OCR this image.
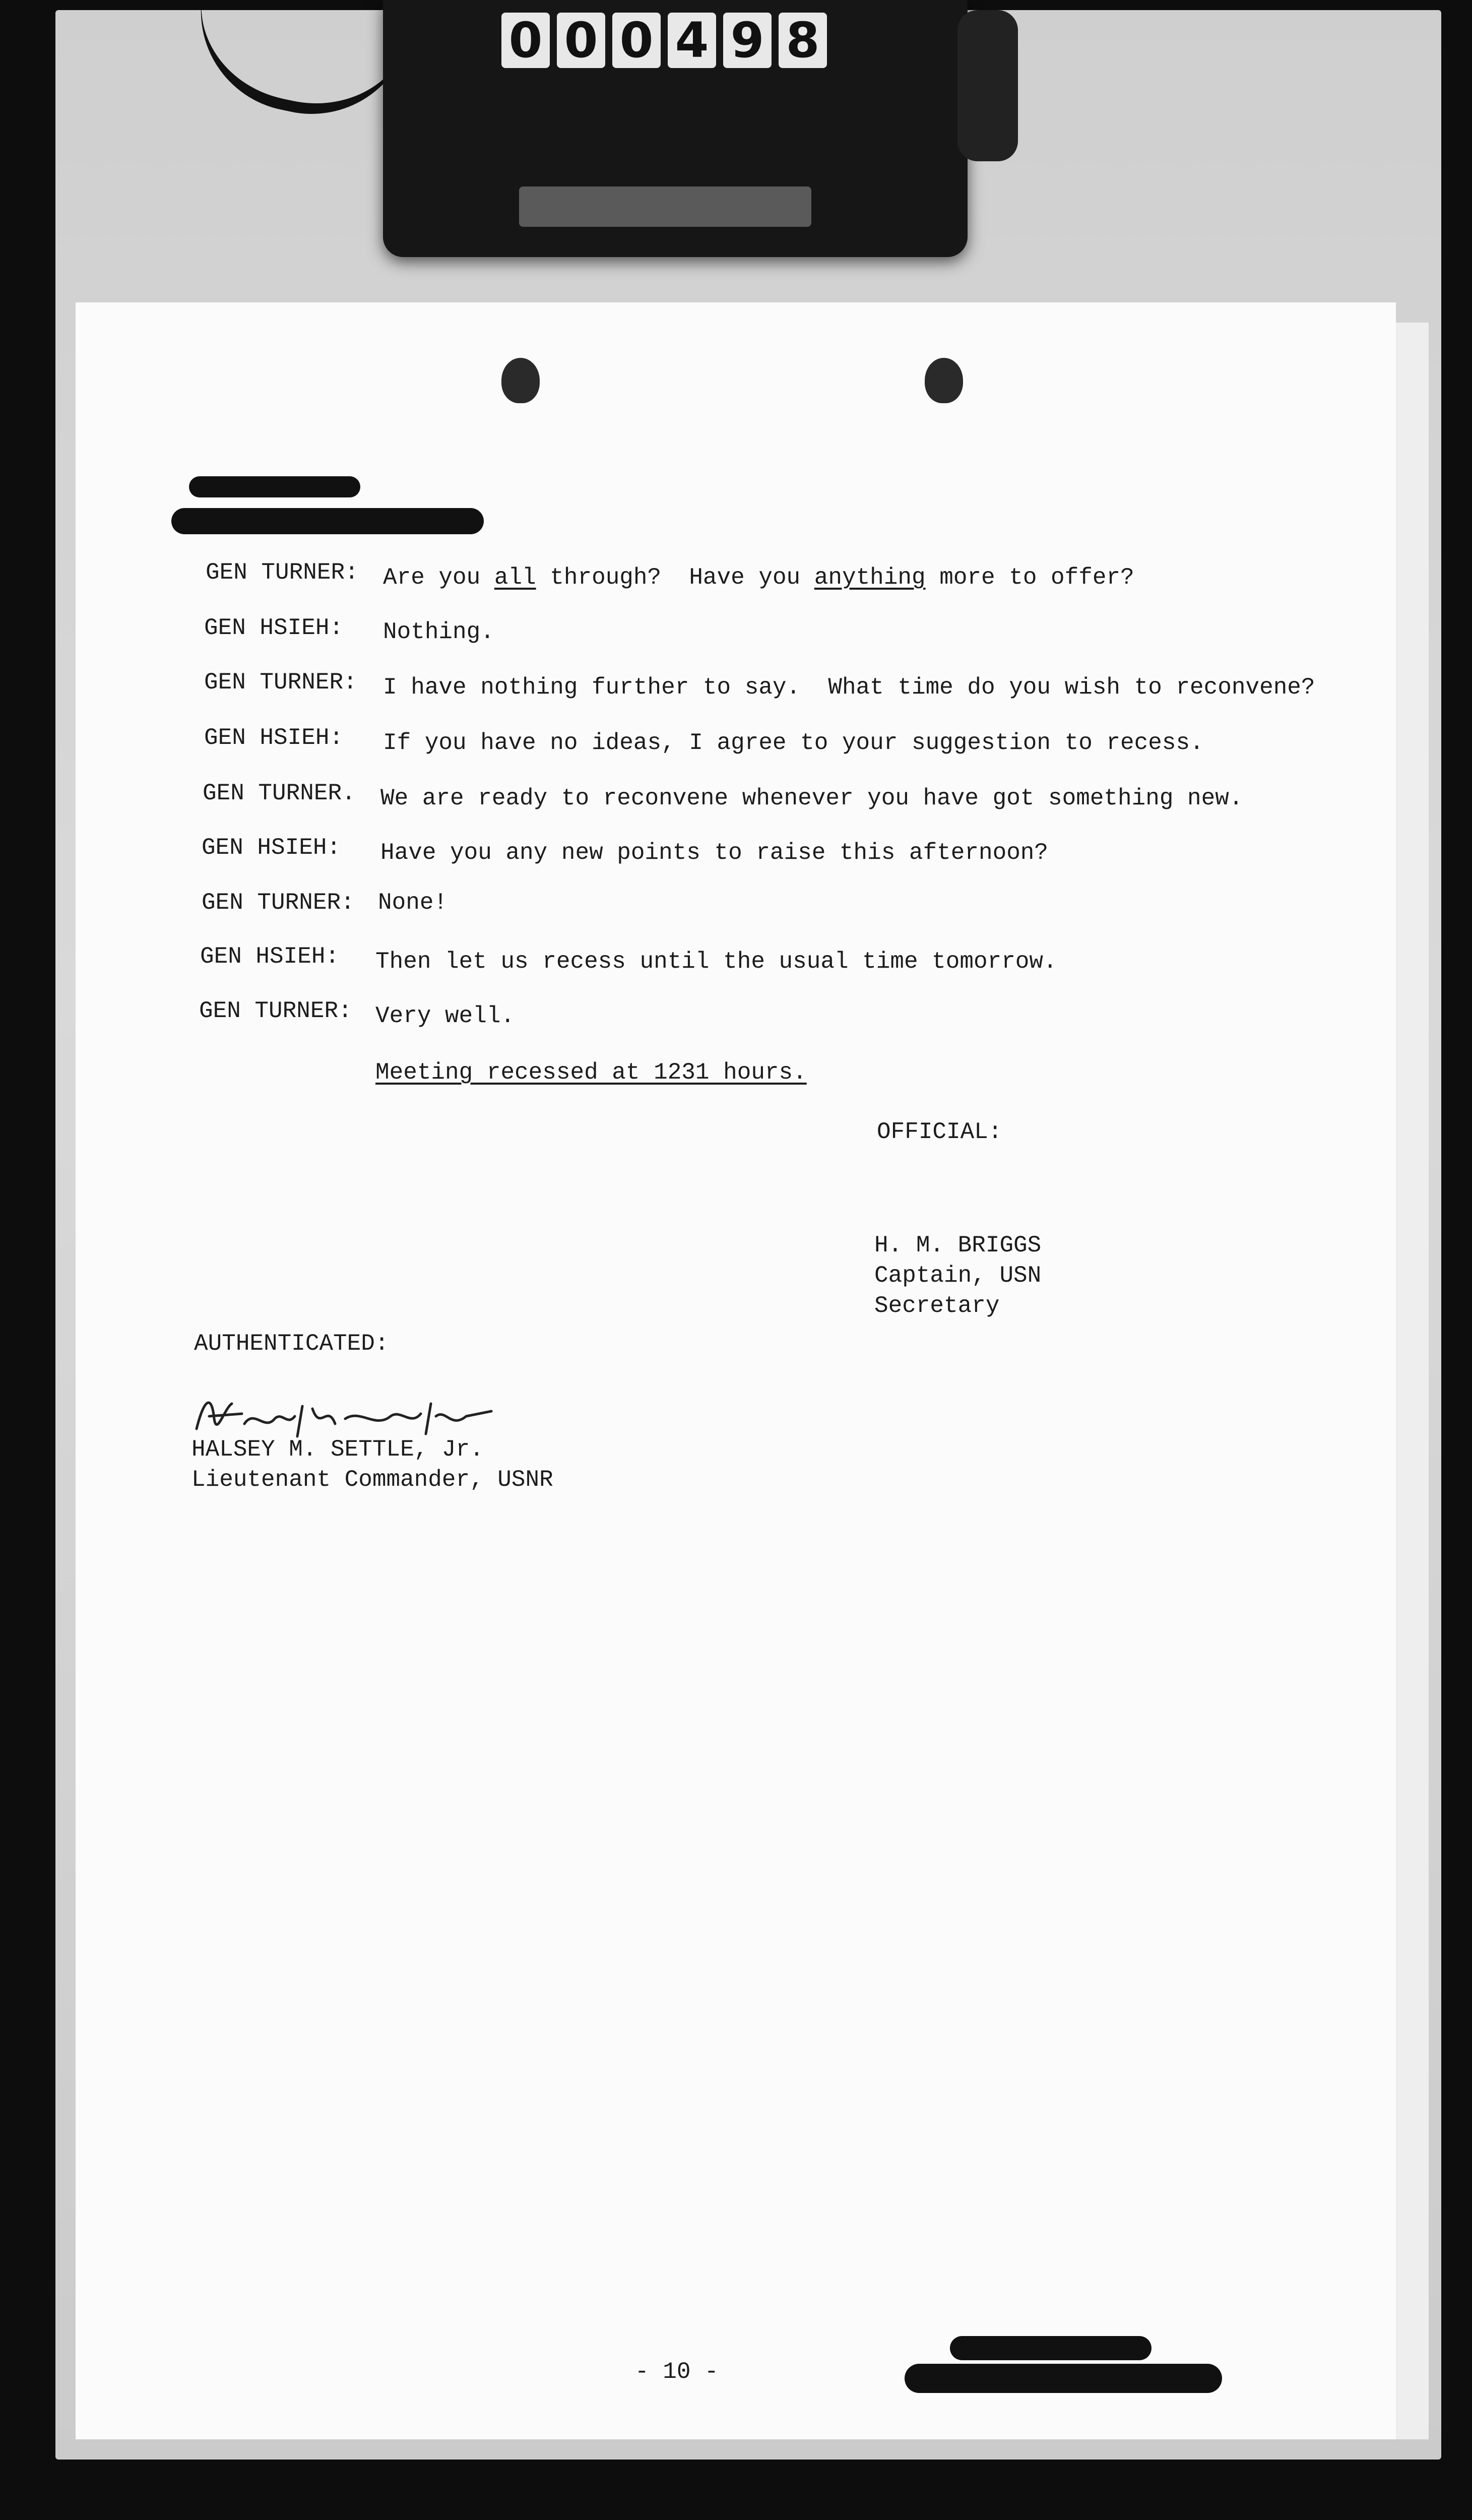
0 0 0 4 9 8
GEN TURNER: Are you all through?  Have you anything more to offer?
GEN HSIEH: Nothing.
GEN TURNER: I have nothing further to say.  What time do you wish to reconvene?
GEN HSIEH: If you have no ideas, I agree to your suggestion to recess.
GEN TURNER. We are ready to reconvene whenever you have got something new.
GEN HSIEH: Have you any new points to raise this afternoon?
GEN TURNER: None!
GEN HSIEH: Then let us recess until the usual time tomorrow.
GEN TURNER: Very well.
Meeting recessed at 1231 hours.
OFFICIAL:
H. M. BRIGGS
Captain, USN
Secretary
AUTHENTICATED:
HALSEY M. SETTLE, Jr.
Lieutenant Commander, USNR
- 10 -
